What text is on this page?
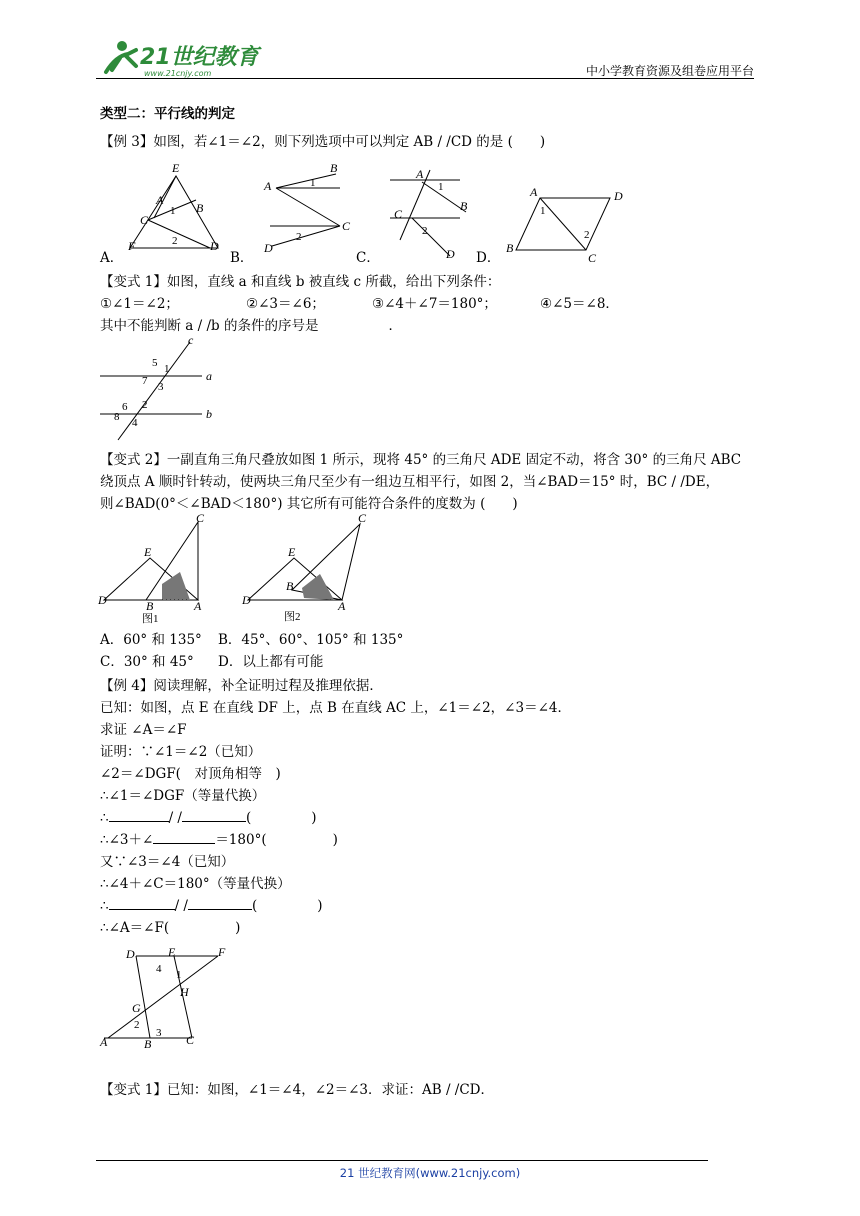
21世纪教育
www.21cnjy.com	中小学教育资源及组卷应用平台
类型二：平行线的判定
【例 3】如图，若∠1＝∠2，则下列选项中可以判定 AB / /CD 的是 (　　)
E
A
B
C
F	D
1
2
A
B
C
D
1
2
A
B
C
D
1
2
A	D
B
C
1
2
A．	B．	C．	D．
【变式 1】如图，直线 a 和直线 b 被直线 c 所截，给出下列条件：
①∠1＝∠2；	②∠3＝∠6；	③∠4＋∠7＝180°；	④∠5＝∠8．
其中不能判断 a / /b 的条件的序号是	．
c
a
b
5 1
7 3
8
6 2
4
【变式 2】一副直角三角尺叠放如图 1 所示，现将 45° 的三角尺 ADE 固定不动，将含 30° 的三角尺 ABC
绕顶点 A 顺时针转动，使两块三角尺至少有一组边互相平行，如图 2，当∠BAD＝15° 时，BC / /DE，
则∠BAD(0°＜∠BAD＜180°) 其它所有可能符合条件的度数为 (　　)
D
E
C
B	A
图1
D
E
C
B
A
图2
A．60° 和 135° B．45°、60°、105° 和 135°
C．30° 和 45° D．以上都有可能
【例 4】阅读理解，补全证明过程及推理依据．
已知：如图，点 E 在直线 DF 上，点 B 在直线 AC 上，∠1＝∠2，∠3＝∠4．
求证 ∠A＝∠F
证明：∵∠1＝∠2（已知）
∠2＝∠DGF(　对顶角相等　)
∴∠1＝∠DGF（等量代换）
∴	/ /	(	)
∴∠3＋∠	＝180°(	)
又∵∠3＝∠4（已知）
∴∠4＋∠C＝180°（等量代换）
∴	/ /	(	)
∴∠A＝∠F(	)
D	E	F
H
G
A	B	C
4 1
2
3
【变式 1】已知：如图，∠1＝∠4，∠2＝∠3．求证：AB / /CD．
21 世纪教育网(www.21cnjy.com)
